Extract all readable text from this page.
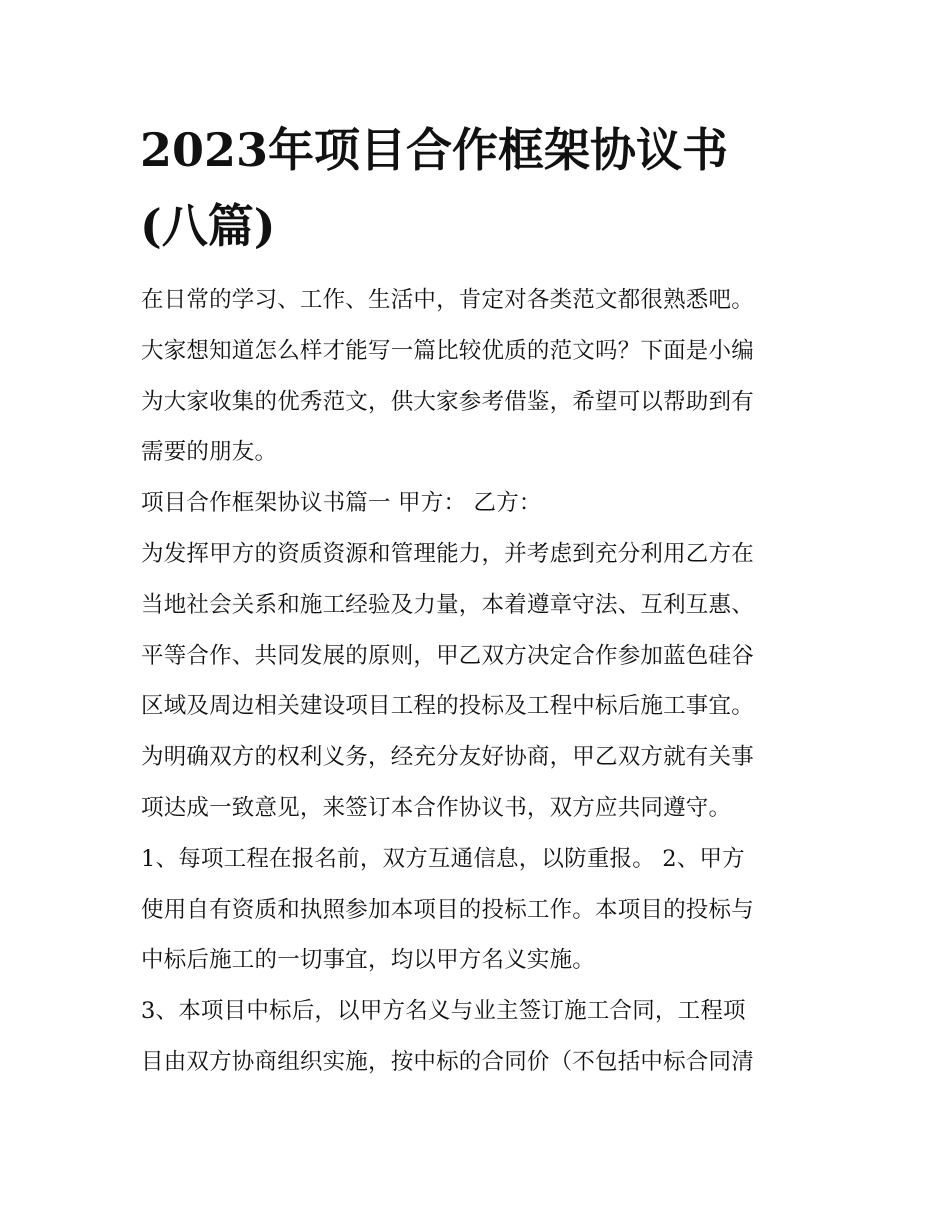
2023年项目合作框架协议书
(八篇)
在日常的学习、工作、生活中，肯定对各类范文都很熟悉吧。
大家想知道怎么样才能写一篇比较优质的范文吗？下面是小编
为大家收集的优秀范文，供大家参考借鉴，希望可以帮助到有
需要的朋友。
项目合作框架协议书篇一 甲方： 乙方：
为发挥甲方的资质资源和管理能力，并考虑到充分利用乙方在
当地社会关系和施工经验及力量，本着遵章守法、互利互惠、
平等合作、共同发展的原则，甲乙双方决定合作参加蓝色硅谷
区域及周边相关建设项目工程的投标及工程中标后施工事宜。
为明确双方的权利义务，经充分友好协商，甲乙双方就有关事
项达成一致意见，来签订本合作协议书，双方应共同遵守。
1、每项工程在报名前，双方互通信息，以防重报。 2、甲方
使用自有资质和执照参加本项目的投标工作。本项目的投标与
中标后施工的一切事宜，均以甲方名义实施。
3、本项目中标后，以甲方名义与业主签订施工合同，工程项
目由双方协商组织实施，按中标的合同价（不包括中标合同清
